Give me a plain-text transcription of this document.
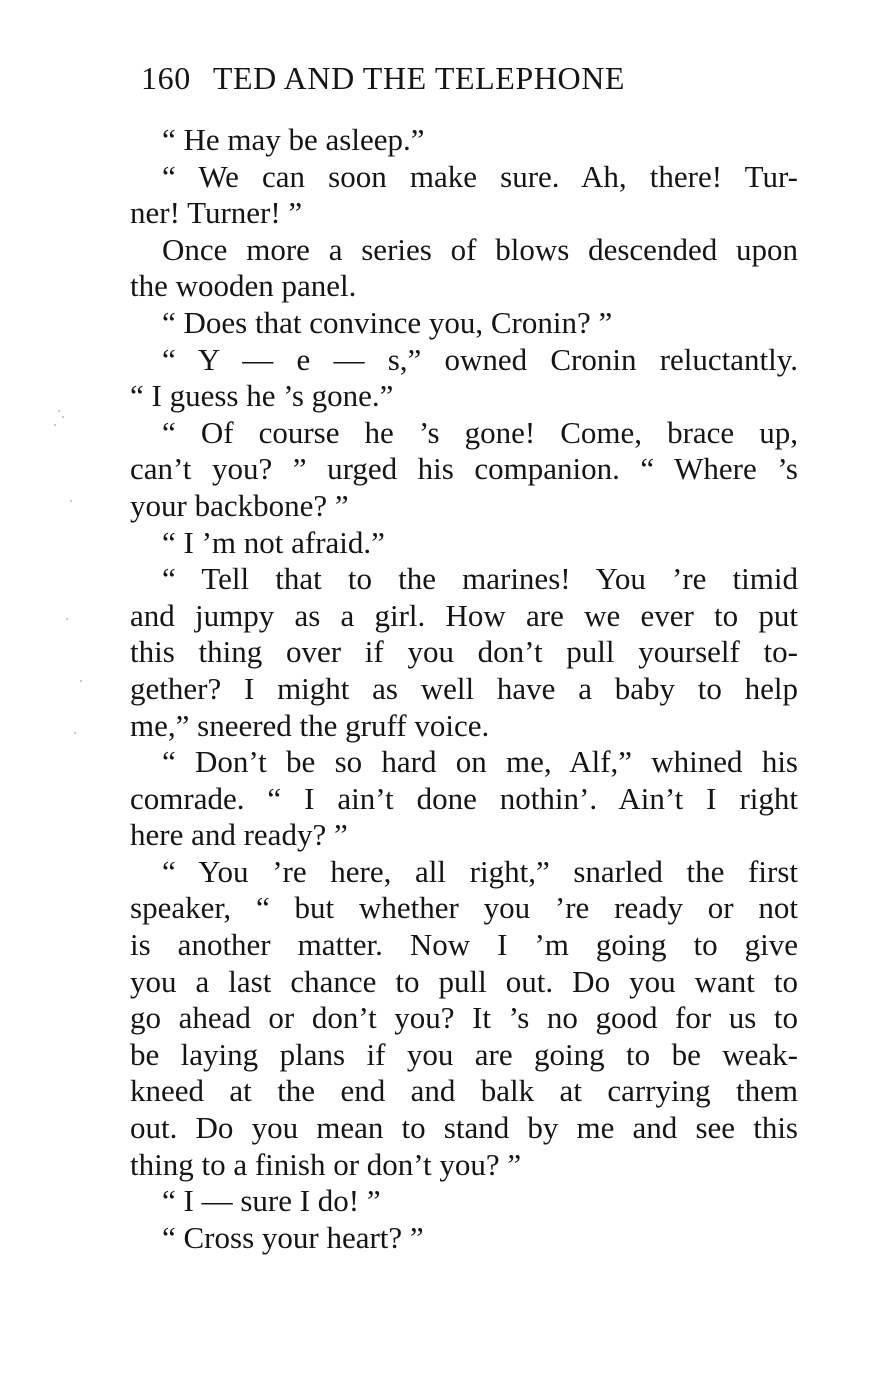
160 TED AND THE TELEPHONE
“ He may be asleep.”
“ We can soon make sure. Ah, there! Tur-
ner! Turner! ”
Once more a series of blows descended upon
the wooden panel.
“ Does that convince you, Cronin? ”
“ Y — e — s,” owned Cronin reluctantly.
“ I guess he ’s gone.”
“ Of course he ’s gone! Come, brace up,
can’t you? ” urged his companion. “ Where ’s
your backbone? ”
“ I ’m not afraid.”
“ Tell that to the marines! You ’re timid
and jumpy as a girl. How are we ever to put
this thing over if you don’t pull yourself to-
gether? I might as well have a baby to help
me,” sneered the gruff voice.
“ Don’t be so hard on me, Alf,” whined his
comrade. “ I ain’t done nothin’. Ain’t I right
here and ready? ”
“ You ’re here, all right,” snarled the first
speaker, “ but whether you ’re ready or not
is another matter. Now I ’m going to give
you a last chance to pull out. Do you want to
go ahead or don’t you? It ’s no good for us to
be laying plans if you are going to be weak-
kneed at the end and balk at carrying them
out. Do you mean to stand by me and see this
thing to a finish or don’t you? ”
“ I — sure I do! ”
“ Cross your heart? ”
